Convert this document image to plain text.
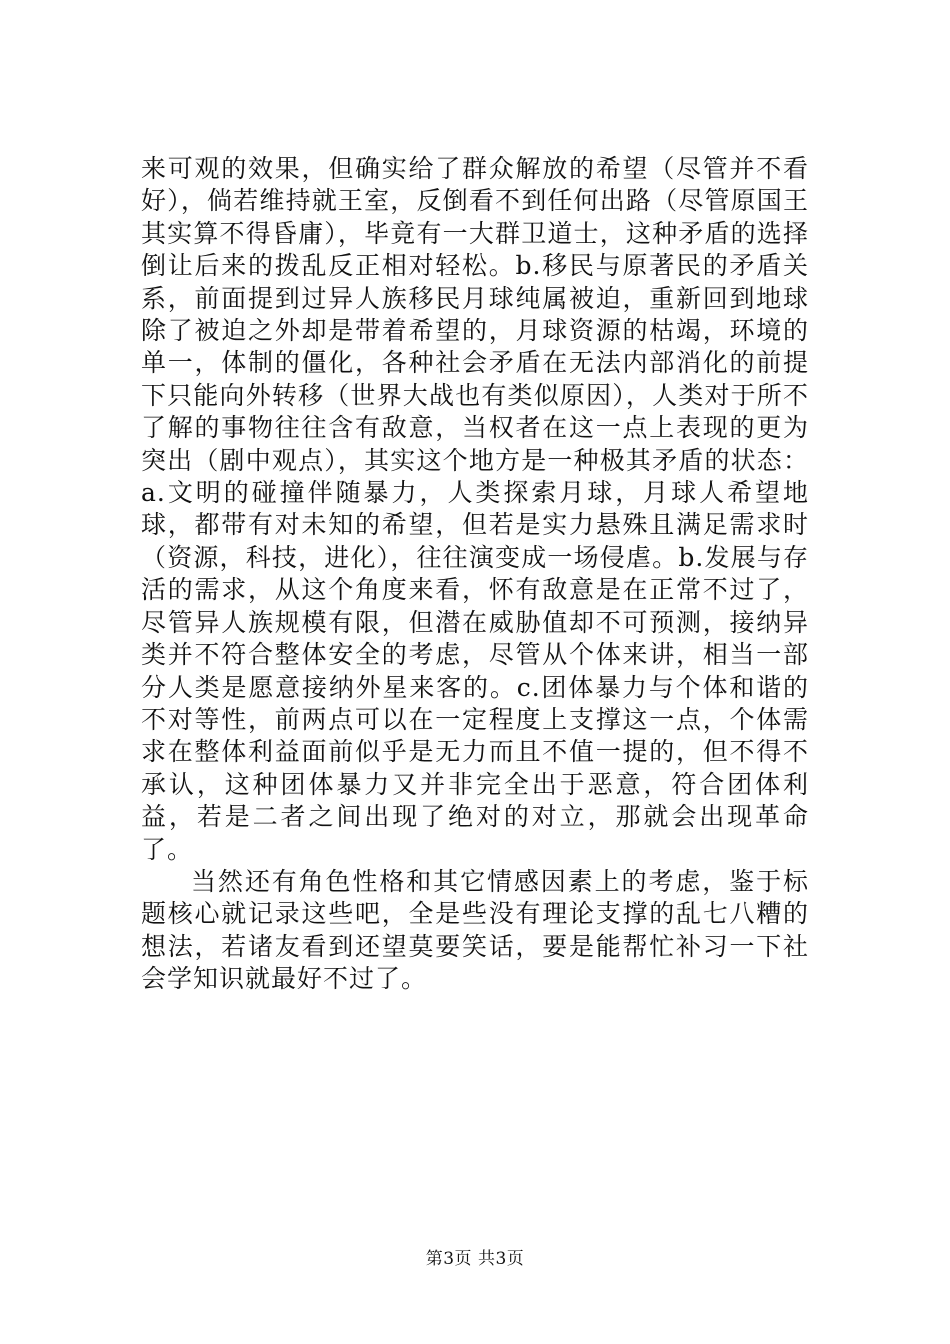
来可观的效果，但确实给了群众解放的希望（尽管并不看好），倘若维持就王室，反倒看不到任何出路（尽管原国王其实算不得昏庸），毕竟有一大群卫道士，这种矛盾的选择倒让后来的拨乱反正相对轻松。b.移民与原著民的矛盾关系，前面提到过异人族移民月球纯属被迫，重新回到地球除了被迫之外却是带着希望的，月球资源的枯竭，环境的单一，体制的僵化，各种社会矛盾在无法内部消化的前提下只能向外转移（世界大战也有类似原因），人类对于所不了解的事物往往含有敌意，当权者在这一点上表现的更为突出（剧中观点），其实这个地方是一种极其矛盾的状态：a.文明的碰撞伴随暴力，人类探索月球，月球人希望地球，都带有对未知的希望，但若是实力悬殊且满足需求时（资源，科技，进化），往往演变成一场侵虐。b.发展与存活的需求，从这个角度来看，怀有敌意是在正常不过了，尽管异人族规模有限，但潜在威胁值却不可预测，接纳异类并不符合整体安全的考虑，尽管从个体来讲，相当一部分人类是愿意接纳外星来客的。c.团体暴力与个体和谐的不对等性，前两点可以在一定程度上支撑这一点，个体需求在整体利益面前似乎是无力而且不值一提的，但不得不承认，这种团体暴力又并非完全出于恶意，符合团体利益，若是二者之间出现了绝对的对立，那就会出现革命了。

当然还有角色性格和其它情感因素上的考虑，鉴于标题核心就记录这些吧，全是些没有理论支撑的乱七八糟的想法，若诸友看到还望莫要笑话，要是能帮忙补习一下社会学知识就最好不过了。

第3页 共3页
